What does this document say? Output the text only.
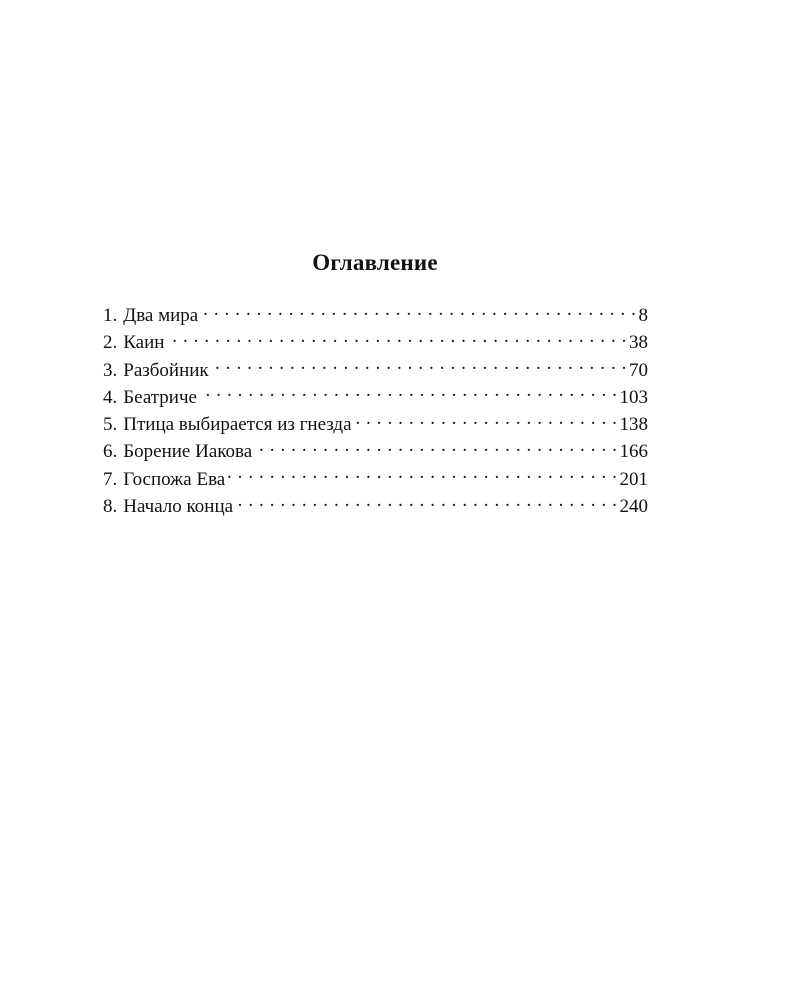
Оглавление
1. Два мира . . .	8
2. Каин . . .	38
3. Разбойник . . .	70
4. Беатриче . . .	103
5. Птица выбирается из гнезда . . .	138
6. Борение Иакова . . .	166
7. Госпожа Ева . . .	201
8. Начало конца . . .	240
